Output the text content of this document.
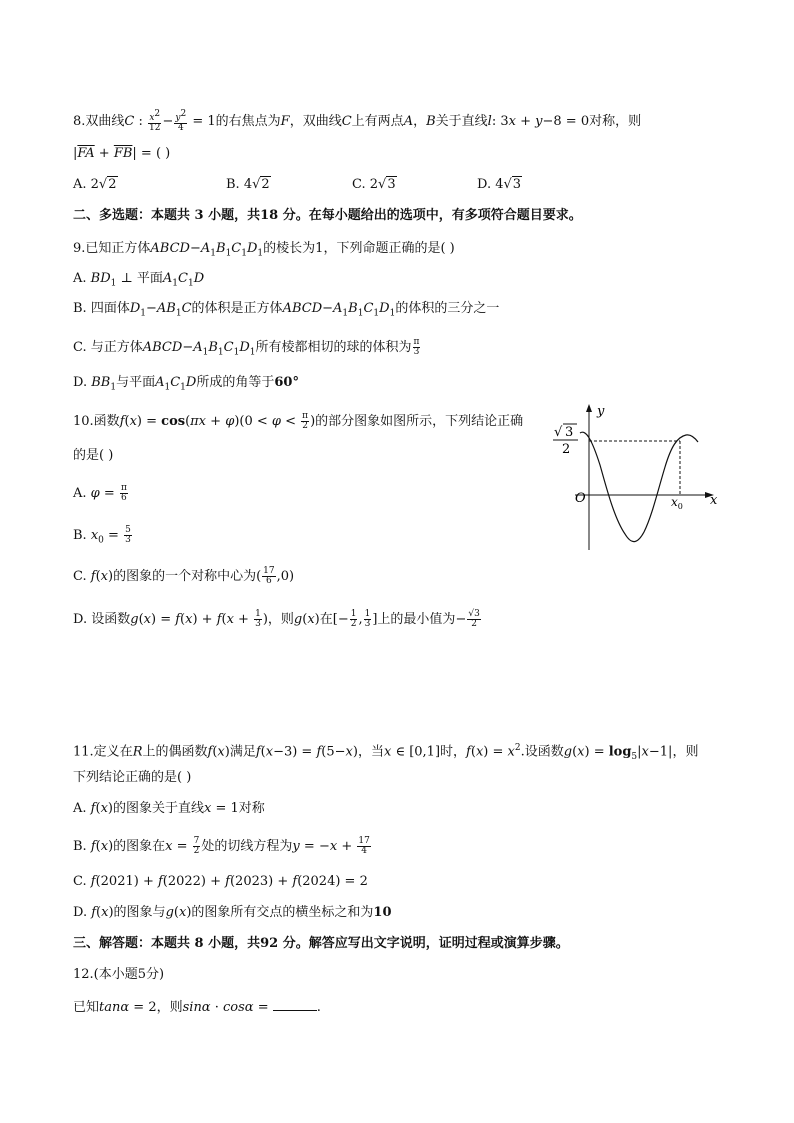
8.双曲线C : $\frac{x^2}{12} - \frac{y^2}{4} = 1$的右焦点为F，双曲线C上有两点A，B关于直线l: 3x + y−8 = 0对称，则
$|\overline{FA} + \overline{FB}|$ = ( )
A. 2√2	B. 4√2	C. 2√3	D. 4√3
二、多选题：本题共 3 小题，共18 分。在每小题给出的选项中，有多项符合题目要求。
9.已知正方体$ABCD-A_1B_1C_1D_1$的棱长为1，下列命题正确的是( )
A. $BD_1$ ⊥ 平面$A_1C_1D$
B. 四面体$D_1-AB_1C$的体积是正方体$ABCD-A_1B_1C_1D_1$的体积的三分之一
C. 与正方体$ABCD-A_1B_1C_1D_1$所有棱都相切的球的体积为 $\frac{\pi}{3}$
D. $BB_1$与平面$A_1C_1D$所成的角等于60°
10.函数$f(x) = \cos(\pi x + \varphi)(0 < \varphi < \frac{\pi}{2}$ )的部分图象如图所示，下列结论正确
的是( )
A. $\varphi = \frac{\pi}{6}$
B. $x_0 = \frac{5}{3}$
C. f(x)的图象的一个对称中心为( $\frac{17}{6} ,0$)
D. 设函数$g(x) = f(x) + f(x + \frac{1}{3}$ )，则g(x)在[− $\frac{1}{2}$ , $\frac{1}{3}$ ]上的最小值为− $\frac{√3}{2}$
y
x
O	$x_0$
√ 3
2
11.定义在R上的偶函数f(x)满足f(x−3) = f(5−x)，当x ∈ [0,1]时，$f(x) = x^2$.设函数$g(x) = \log_5|x-1|$，则
下列结论正确的是( )
A. f(x)的图象关于直线x = 1对称
B. f(x)的图象在$x = \frac{7}{2}$ 处的切线方程为$y = -x + \frac{17}{4}$
C. f(2021) + f(2022) + f(2023) + f(2024) = 2
D. f(x)的图象与g(x)的图象所有交点的横坐标之和为10
三、解答题：本题共 8 小题，共92 分。解答应写出文字说明，证明过程或演算步骤。
12.(本小题5分)
已知tanα = 2，则sinα · cosα =	.
